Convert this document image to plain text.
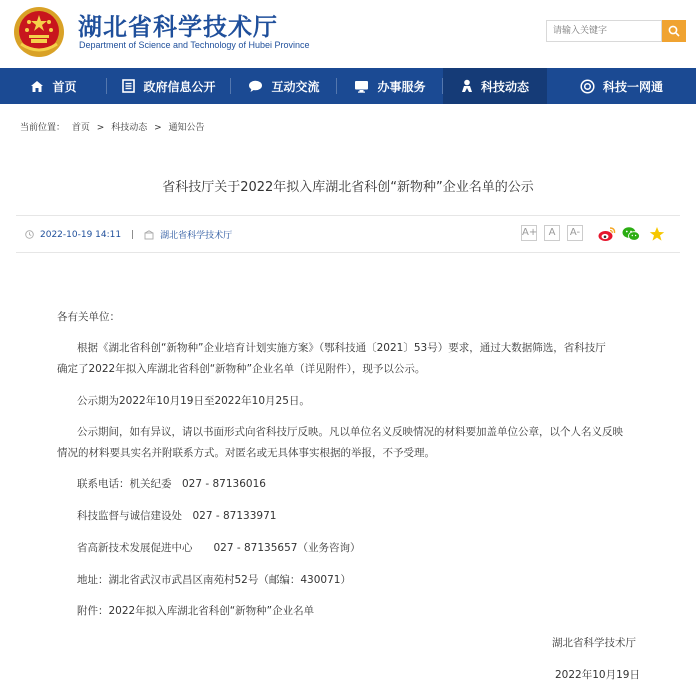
湖北省科学技术厅
Department of Science and Technology of Hubei Province
请输入关键字
首页	政府信息公开	互动交流	办事服务	科技动态	科技一网通
当前位置： 首页 > 科技动态 > 通知公告
省科技厅关于2022年拟入库湖北省科创“新物种”企业名单的公示
2022-10-19 14:11 |	湖北省科学技术厅	A+	A	A-
各有关单位：
根据《湖北省科创“新物种”企业培育计划实施方案》（鄂科技通〔2021〕53号）要求，通过大数据筛选，省科技厅
确定了2022年拟入库湖北省科创“新物种”企业名单（详见附件），现予以公示。
公示期为2022年10月19日至2022年10月25日。
公示期间，如有异议，请以书面形式向省科技厅反映。凡以单位名义反映情况的材料要加盖单位公章，以个人名义反映
情况的材料要具实名并附联系方式。对匿名或无具体事实根据的举报，不予受理。
联系电话：机关纪委　027 - 87136016
科技监督与诚信建设处　027 - 87133971
省高新技术发展促进中心　　027 - 87135657（业务咨询）
地址：湖北省武汉市武昌区南苑村52号（邮编：430071）
附件：2022年拟入库湖北省科创“新物种”企业名单
湖北省科学技术厅
2022年10月19日
